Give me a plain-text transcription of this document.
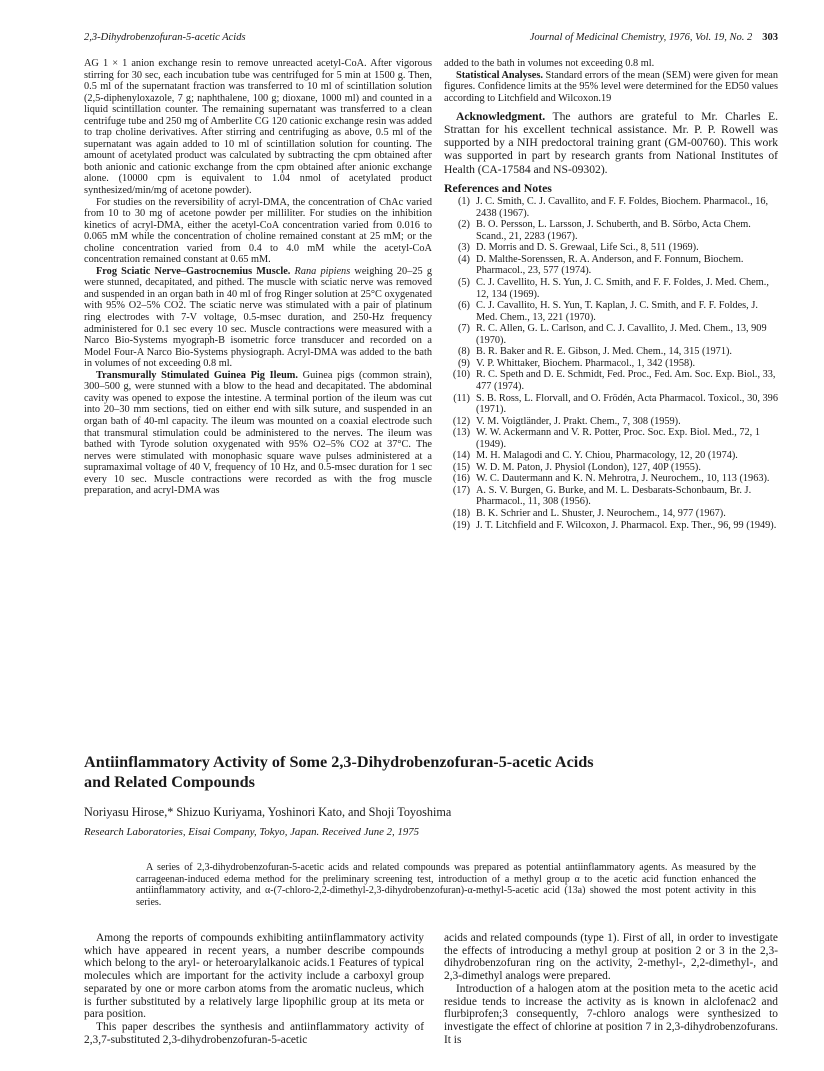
2,3-Dihydrobenzofuran-5-acetic Acids	Journal of Medicinal Chemistry, 1976, Vol. 19, No. 2 303

AG 1 × 1 anion exchange resin to remove unreacted acetyl-CoA. After vigorous stirring for 30 sec, each incubation tube was centrifuged for 5 min at 1500 g. Then, 0.5 ml of the supernatant fraction was transferred to 10 ml of scintillation solution (2,5-diphenyloxazole, 7 g; naphthalene, 100 g; dioxane, 1000 ml) and counted in a liquid scintillation counter. The remaining supernatant was transferred to a clean centrifuge tube and 250 mg of Amberlite CG 120 cationic exchange resin was added to trap choline derivatives. After stirring and centrifuging as above, 0.5 ml of the supernatant was again added to 10 ml of scintillation solution for counting. The amount of acetylated product was calculated by subtracting the cpm obtained after both anionic and cationic exchange from the cpm obtained after anionic exchange alone. (10000 cpm is equivalent to 1.04 nmol of acetylated product synthesized/min/mg of acetone powder).

For studies on the reversibility of acryl-DMA, the concentration of ChAc varied from 10 to 30 mg of acetone powder per milliliter. For studies on the inhibition kinetics of acryl-DMA, either the acetyl-CoA concentration varied from 0.016 to 0.065 mM while the concentration of choline remained constant at 25 mM; or the choline concentration varied from 0.4 to 4.0 mM while the acetyl-CoA concentration remained constant at 0.65 mM.

Frog Sciatic Nerve–Gastrocnemius Muscle. Rana pipiens weighing 20–25 g were stunned, decapitated, and pithed. The muscle with sciatic nerve was removed and suspended in an organ bath in 40 ml of frog Ringer solution at 25°C oxygenated with 95% O2–5% CO2. The sciatic nerve was stimulated with a pair of platinum ring electrodes with 7-V voltage, 0.5-msec duration, and 250-Hz frequency administered for 0.1 sec every 10 sec. Muscle contractions were measured with a Narco Bio-Systems myograph-B isometric force transducer and recorded on a Model Four-A Narco Bio-Systems physiograph. Acryl-DMA was added to the bath in volumes of not exceeding 0.8 ml.

Transmurally Stimulated Guinea Pig Ileum. Guinea pigs (common strain), 300–500 g, were stunned with a blow to the head and decapitated. The abdominal cavity was opened to expose the intestine. A terminal portion of the ileum was cut into 20–30 mm sections, tied on either end with silk suture, and suspended in an organ bath of 40-ml capacity. The ileum was mounted on a coaxial electrode such that transmural stimulation could be administered to the nerves. The ileum was bathed with Tyrode solution oxygenated with 95% O2–5% CO2 at 37°C. The nerves were stimulated with monophasic square wave pulses administered at a supramaximal voltage of 40 V, frequency of 10 Hz, and 0.5-msec duration for 1 sec every 10 sec. Muscle contractions were recorded as with the frog muscle preparation, and acryl-DMA was

added to the bath in volumes not exceeding 0.8 ml.

Statistical Analyses. Standard errors of the mean (SEM) were given for mean figures. Confidence limits at the 95% level were determined for the ED50 values according to Litchfield and Wilcoxon.19

Acknowledgment. The authors are grateful to Mr. Charles E. Strattan for his excellent technical assistance. Mr. P. P. Rowell was supported by a NIH predoctoral training grant (GM-00760). This work was supported in part by research grants from National Institutes of Health (CA-17584 and NS-09302).

References and Notes
(1) J. C. Smith, C. J. Cavallito, and F. F. Foldes, Biochem. Pharmacol., 16, 2438 (1967).
(2) B. O. Persson, L. Larsson, J. Schuberth, and B. Sörbo, Acta Chem. Scand., 21, 2283 (1967).
(3) D. Morris and D. S. Grewaal, Life Sci., 8, 511 (1969).
(4) D. Malthe-Sorenssen, R. A. Anderson, and F. Fonnum, Biochem. Pharmacol., 23, 577 (1974).
(5) C. J. Cavellito, H. S. Yun, J. C. Smith, and F. F. Foldes, J. Med. Chem., 12, 134 (1969).
(6) C. J. Cavallito, H. S. Yun, T. Kaplan, J. C. Smith, and F. F. Foldes, J. Med. Chem., 13, 221 (1970).
(7) R. C. Allen, G. L. Carlson, and C. J. Cavallito, J. Med. Chem., 13, 909 (1970).
(8) B. R. Baker and R. E. Gibson, J. Med. Chem., 14, 315 (1971).
(9) V. P. Whittaker, Biochem. Pharmacol., 1, 342 (1958).
(10) R. C. Speth and D. E. Schmidt, Fed. Proc., Fed. Am. Soc. Exp. Biol., 33, 477 (1974).
(11) S. B. Ross, L. Florvall, and O. Frödén, Acta Pharmacol. Toxicol., 30, 396 (1971).
(12) V. M. Voigtländer, J. Prakt. Chem., 7, 308 (1959).
(13) W. W. Ackermann and V. R. Potter, Proc. Soc. Exp. Biol. Med., 72, 1 (1949).
(14) M. H. Malagodi and C. Y. Chiou, Pharmacology, 12, 20 (1974).
(15) W. D. M. Paton, J. Physiol (London), 127, 40P (1955).
(16) W. C. Dautermann and K. N. Mehrotra, J. Neurochem., 10, 113 (1963).
(17) A. S. V. Burgen, G. Burke, and M. L. Desbarats-Schonbaum, Br. J. Pharmacol., 11, 308 (1956).
(18) B. K. Schrier and L. Shuster, J. Neurochem., 14, 977 (1967).
(19) J. T. Litchfield and F. Wilcoxon, J. Pharmacol. Exp. Ther., 96, 99 (1949).
Antiinflammatory Activity of Some 2,3-Dihydrobenzofuran-5-acetic Acids
and Related Compounds
Noriyasu Hirose,* Shizuo Kuriyama, Yoshinori Kato, and Shoji Toyoshima
Research Laboratories, Eisai Company, Tokyo, Japan. Received June 2, 1975

A series of 2,3-dihydrobenzofuran-5-acetic acids and related compounds was prepared as potential antiinflammatory agents. As measured by the carrageenan-induced edema method for the preliminary screening test, introduction of a methyl group α to the acetic acid function enhanced the antiinflammatory activity, and α-(7-chloro-2,2-dimethyl-2,3-dihydrobenzofuran)-α-methyl-5-acetic acid (13a) showed the most potent activity in this series.

Among the reports of compounds exhibiting antiinflammatory activity which have appeared in recent years, a number describe compounds which belong to the aryl- or heteroarylalkanoic acids.1 Features of typical molecules which are important for the activity include a carboxyl group separated by one or more carbon atoms from the aromatic nucleus, which is further substituted by a relatively large lipophilic group at its meta or para position.

This paper describes the synthesis and antiinflammatory activity of 2,3,7-substituted 2,3-dihydrobenzofuran-5-acetic

acids and related compounds (type 1). First of all, in order to investigate the effects of introducing a methyl group at position 2 or 3 in the 2,3-dihydrobenzofuran ring on the activity, 2-methyl-, 2,2-dimethyl-, and 2,3-dimethyl analogs were prepared.

Introduction of a halogen atom at the position meta to the acetic acid residue tends to increase the activity as is known in alclofenac2 and flurbiprofen;3 consequently, 7-chloro analogs were synthesized to investigate the effect of chlorine at position 7 in 2,3-dihydrobenzofurans. It is
